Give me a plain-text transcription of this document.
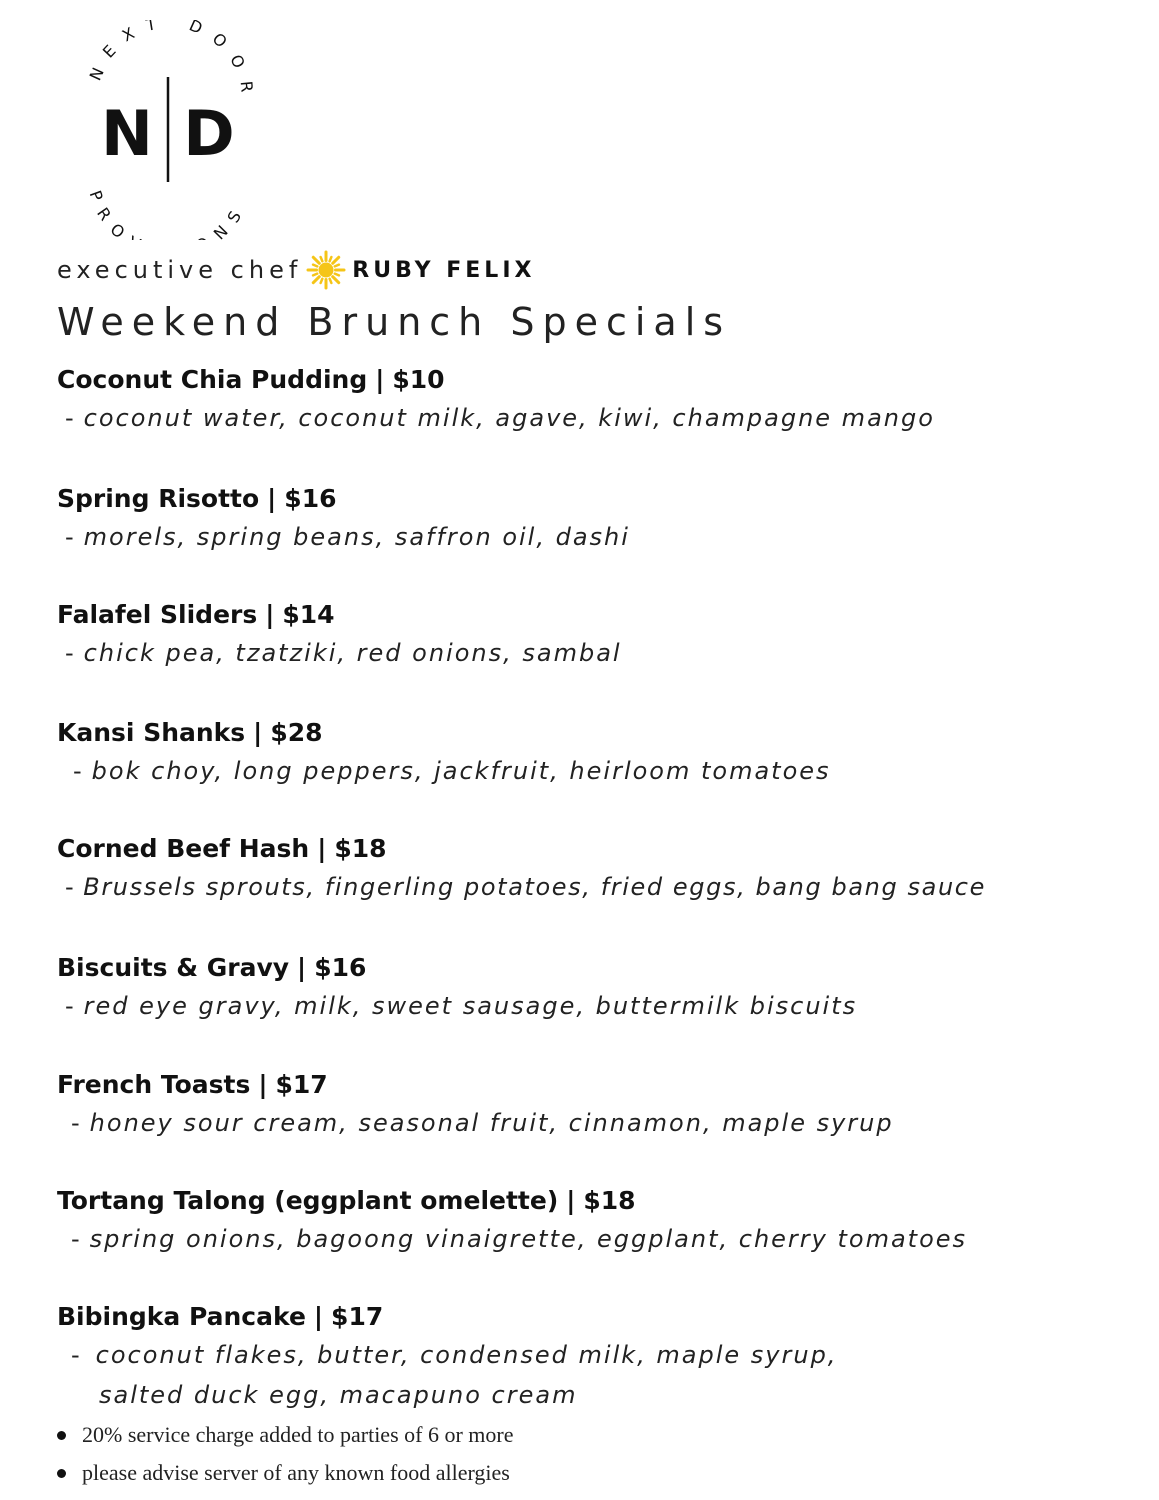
NEXT DOOR
PRO NS
N D
executive chef RUBY FELIX
Weekend Brunch Specials
Coconut Chia Pudding | $10
- coconut water, coconut milk, agave, kiwi, champagne mango
Spring Risotto | $16
- morels, spring beans, saffron oil, dashi
Falafel Sliders | $14
- chick pea, tzatziki, red onions, sambal
Kansi Shanks | $28
- bok choy, long peppers, jackfruit, heirloom tomatoes
Corned Beef Hash | $18
- Brussels sprouts, fingerling potatoes, fried eggs, bang bang sauce
Biscuits & Gravy | $16
- red eye gravy, milk, sweet sausage, buttermilk biscuits
French Toasts | $17
- honey sour cream, seasonal fruit, cinnamon, maple syrup
Tortang Talong (eggplant omelette) | $18
- spring onions, bagoong vinaigrette, eggplant, cherry tomatoes
Bibingka Pancake | $17
- coconut flakes, butter, condensed milk, maple syrup,
salted duck egg, macapuno cream
20% service charge added to parties of 6 or more
please advise server of any known food allergies
